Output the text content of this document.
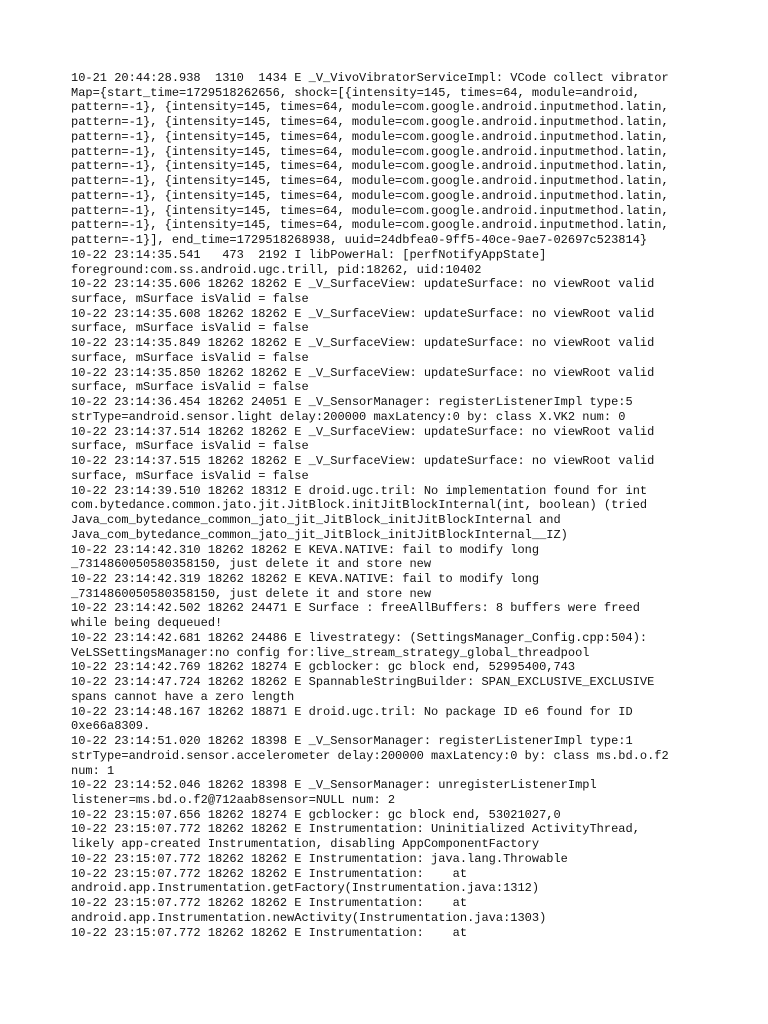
10-21 20:44:28.938  1310  1434 E _V_VivoVibratorServiceImpl: VCode collect vibrator
Map={start_time=1729518262656, shock=[{intensity=145, times=64, module=android,
pattern=-1}, {intensity=145, times=64, module=com.google.android.inputmethod.latin,
pattern=-1}, {intensity=145, times=64, module=com.google.android.inputmethod.latin,
pattern=-1}, {intensity=145, times=64, module=com.google.android.inputmethod.latin,
pattern=-1}, {intensity=145, times=64, module=com.google.android.inputmethod.latin,
pattern=-1}, {intensity=145, times=64, module=com.google.android.inputmethod.latin,
pattern=-1}, {intensity=145, times=64, module=com.google.android.inputmethod.latin,
pattern=-1}, {intensity=145, times=64, module=com.google.android.inputmethod.latin,
pattern=-1}, {intensity=145, times=64, module=com.google.android.inputmethod.latin,
pattern=-1}, {intensity=145, times=64, module=com.google.android.inputmethod.latin,
pattern=-1}], end_time=1729518268938, uuid=24dbfea0-9ff5-40ce-9ae7-02697c523814}
10-22 23:14:35.541   473  2192 I libPowerHal: [perfNotifyAppState]
foreground:com.ss.android.ugc.trill, pid:18262, uid:10402
10-22 23:14:35.606 18262 18262 E _V_SurfaceView: updateSurface: no viewRoot valid
surface, mSurface isValid = false
10-22 23:14:35.608 18262 18262 E _V_SurfaceView: updateSurface: no viewRoot valid
surface, mSurface isValid = false
10-22 23:14:35.849 18262 18262 E _V_SurfaceView: updateSurface: no viewRoot valid
surface, mSurface isValid = false
10-22 23:14:35.850 18262 18262 E _V_SurfaceView: updateSurface: no viewRoot valid
surface, mSurface isValid = false
10-22 23:14:36.454 18262 24051 E _V_SensorManager: registerListenerImpl type:5
strType=android.sensor.light delay:200000 maxLatency:0 by: class X.VK2 num: 0
10-22 23:14:37.514 18262 18262 E _V_SurfaceView: updateSurface: no viewRoot valid
surface, mSurface isValid = false
10-22 23:14:37.515 18262 18262 E _V_SurfaceView: updateSurface: no viewRoot valid
surface, mSurface isValid = false
10-22 23:14:39.510 18262 18312 E droid.ugc.tril: No implementation found for int
com.bytedance.common.jato.jit.JitBlock.initJitBlockInternal(int, boolean) (tried
Java_com_bytedance_common_jato_jit_JitBlock_initJitBlockInternal and
Java_com_bytedance_common_jato_jit_JitBlock_initJitBlockInternal__IZ)
10-22 23:14:42.310 18262 18262 E KEVA.NATIVE: fail to modify long
_7314860050580358150, just delete it and store new
10-22 23:14:42.319 18262 18262 E KEVA.NATIVE: fail to modify long
_7314860050580358150, just delete it and store new
10-22 23:14:42.502 18262 24471 E Surface : freeAllBuffers: 8 buffers were freed
while being dequeued!
10-22 23:14:42.681 18262 24486 E livestrategy: (SettingsManager_Config.cpp:504):
VeLSSettingsManager:no config for:live_stream_strategy_global_threadpool
10-22 23:14:42.769 18262 18274 E gcblocker: gc block end, 52995400,743
10-22 23:14:47.724 18262 18262 E SpannableStringBuilder: SPAN_EXCLUSIVE_EXCLUSIVE
spans cannot have a zero length
10-22 23:14:48.167 18262 18871 E droid.ugc.tril: No package ID e6 found for ID
0xe66a8309.
10-22 23:14:51.020 18262 18398 E _V_SensorManager: registerListenerImpl type:1
strType=android.sensor.accelerometer delay:200000 maxLatency:0 by: class ms.bd.o.f2
num: 1
10-22 23:14:52.046 18262 18398 E _V_SensorManager: unregisterListenerImpl
listener=ms.bd.o.f2@712aab8sensor=NULL num: 2
10-22 23:15:07.656 18262 18274 E gcblocker: gc block end, 53021027,0
10-22 23:15:07.772 18262 18262 E Instrumentation: Uninitialized ActivityThread,
likely app-created Instrumentation, disabling AppComponentFactory
10-22 23:15:07.772 18262 18262 E Instrumentation: java.lang.Throwable
10-22 23:15:07.772 18262 18262 E Instrumentation:    at
android.app.Instrumentation.getFactory(Instrumentation.java:1312)
10-22 23:15:07.772 18262 18262 E Instrumentation:    at
android.app.Instrumentation.newActivity(Instrumentation.java:1303)
10-22 23:15:07.772 18262 18262 E Instrumentation:    at
